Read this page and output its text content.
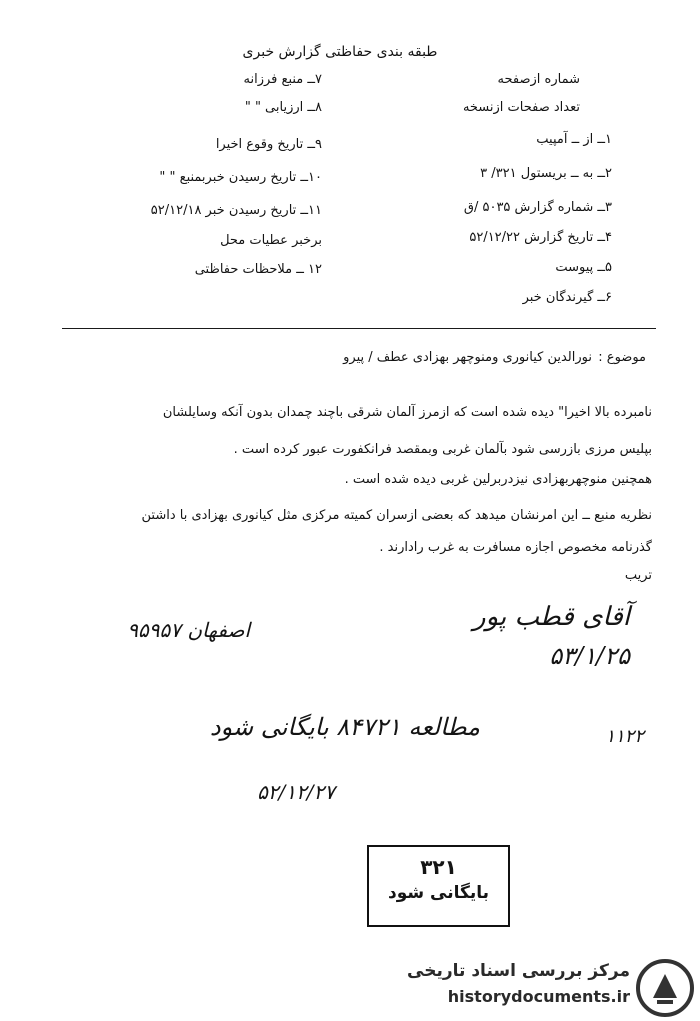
طبقه بندی حفاظتی گزارش خبری
شماره ازصفحه
تعداد صفحات ازنسخه
۱ــ از ــ آمپیب
۲ــ به ــ بریستول ۳۲۱/ ۳
۳ــ شماره گزارش ۵۰۳۵ /ق
۴ــ تاریخ گزارش ۵۲/۱۲/۲۲
۵ــ پیوست
۶ــ گیرندگان خبر
۷ــ منبع فرزانه
۸ــ ارزیابی " "
۹ــ تاریخ وقوع اخیرا
۱۰ــ تاریخ رسیدن خبربمنبع " "
۱۱ــ تاریخ رسیدن خبر ۵۲/۱۲/۱۸
برخبر عطیات محل
۱۲ ــ ملاحظات حفاظتی
موضوع :
نورالدین کیانوری ومنوچهر بهزادی عطف / پیرو
نامبرده بالا اخیرا" دیده شده است که ازمرز آلمان شرقی باچند چمدان بدون آنکه وسایلشان
بپلیس مرزی بازرسی شود بآلمان غربی وبمقصد فرانکفورت عبور کرده است .
همچنین منوچهربهزادی نیزدربرلین غربی دیده شده است .
نظریه منبع ــ این امرنشان میدهد که بعضی ازسران کمیته مرکزی مثل کیانوری بهزادی با داشتن
گذرنامه مخصوص اجازه مسافرت به غرب رادارند .
تریب
آقای قطب پور
۵۳/۱/۲۵
اصفهان ۹۵۹۵۷
مطالعه ۸۴۷۲۱ بایگانی شود	۱۱۲۲
۵۲/۱۲/۲۷
۳۲۱
بایگانی شود
مرکز بررسی اسناد تاریخی
historydocuments.ir
